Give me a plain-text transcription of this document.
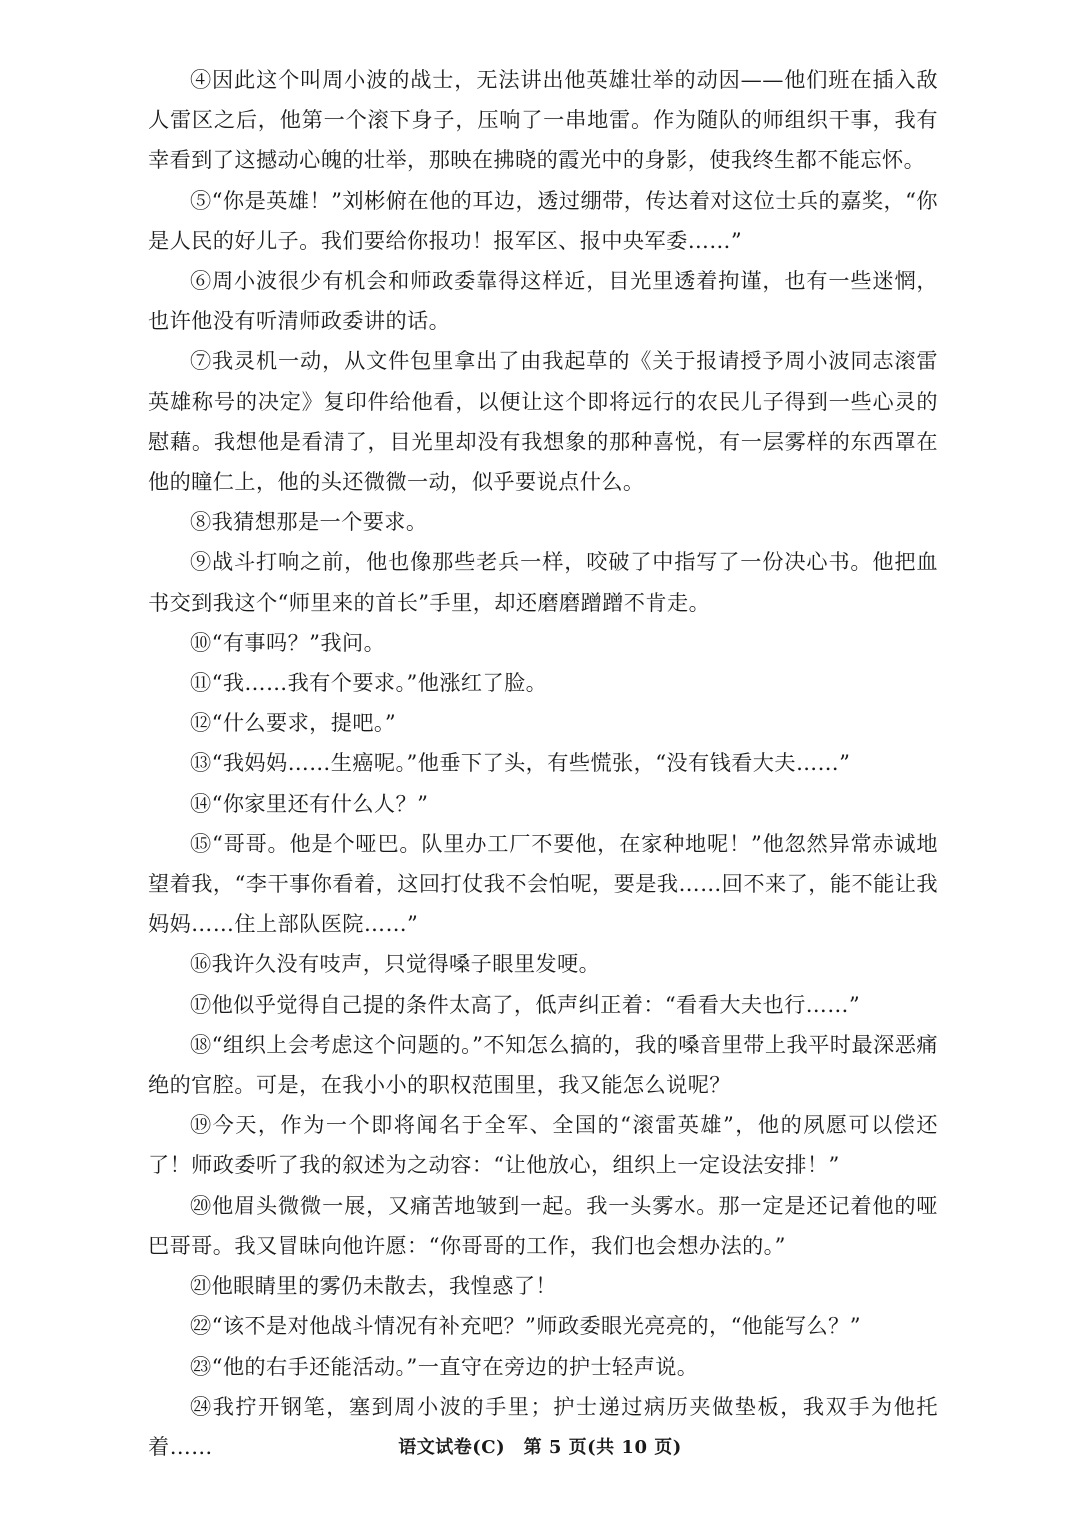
④因此这个叫周小波的战士，无法讲出他英雄壮举的动因——他们班在插入敌人雷区之后，他第一个滚下身子，压响了一串地雷。作为随队的师组织干事，我有幸看到了这撼动心魄的壮举，那映在拂晓的霞光中的身影，使我终生都不能忘怀。

⑤“你是英雄！”刘彬俯在他的耳边，透过绷带，传达着对这位士兵的嘉奖，“你是人民的好儿子。我们要给你报功！报军区、报中央军委……”

⑥周小波很少有机会和师政委靠得这样近，目光里透着拘谨，也有一些迷惘，也许他没有听清师政委讲的话。

⑦我灵机一动，从文件包里拿出了由我起草的《关于报请授予周小波同志滚雷英雄称号的决定》复印件给他看，以便让这个即将远行的农民儿子得到一些心灵的慰藉。我想他是看清了，目光里却没有我想象的那种喜悦，有一层雾样的东西罩在他的瞳仁上，他的头还微微一动，似乎要说点什么。

⑧我猜想那是一个要求。

⑨战斗打响之前，他也像那些老兵一样，咬破了中指写了一份决心书。他把血书交到我这个“师里来的首长”手里，却还磨磨蹭蹭不肯走。

⑩“有事吗？”我问。

⑪“我……我有个要求。”他涨红了脸。

⑫“什么要求，提吧。”

⑬“我妈妈……生癌呢。”他垂下了头，有些慌张，“没有钱看大夫……”

⑭“你家里还有什么人？”

⑮“哥哥。他是个哑巴。队里办工厂不要他，在家种地呢！”他忽然异常赤诚地望着我，“李干事你看着，这回打仗我不会怕呢，要是我……回不来了，能不能让我妈妈……住上部队医院……”

⑯我许久没有吱声，只觉得嗓子眼里发哽。

⑰他似乎觉得自己提的条件太高了，低声纠正着：“看看大夫也行……”

⑱“组织上会考虑这个问题的。”不知怎么搞的，我的嗓音里带上我平时最深恶痛绝的官腔。可是，在我小小的职权范围里，我又能怎么说呢？

⑲今天，作为一个即将闻名于全军、全国的“滚雷英雄”，他的夙愿可以偿还了！师政委听了我的叙述为之动容：“让他放心，组织上一定设法安排！”

⑳他眉头微微一展，又痛苦地皱到一起。我一头雾水。那一定是还记着他的哑巴哥哥。我又冒昧向他许愿：“你哥哥的工作，我们也会想办法的。”

㉑他眼睛里的雾仍未散去，我惶惑了！

㉒“该不是对他战斗情况有补充吧？”师政委眼光亮亮的，“他能写么？”

㉓“他的右手还能活动。”一直守在旁边的护士轻声说。

㉔我拧开钢笔，塞到周小波的手里；护士递过病历夹做垫板，我双手为他托着……	语文试卷(C)　第 5 页(共 10 页)
